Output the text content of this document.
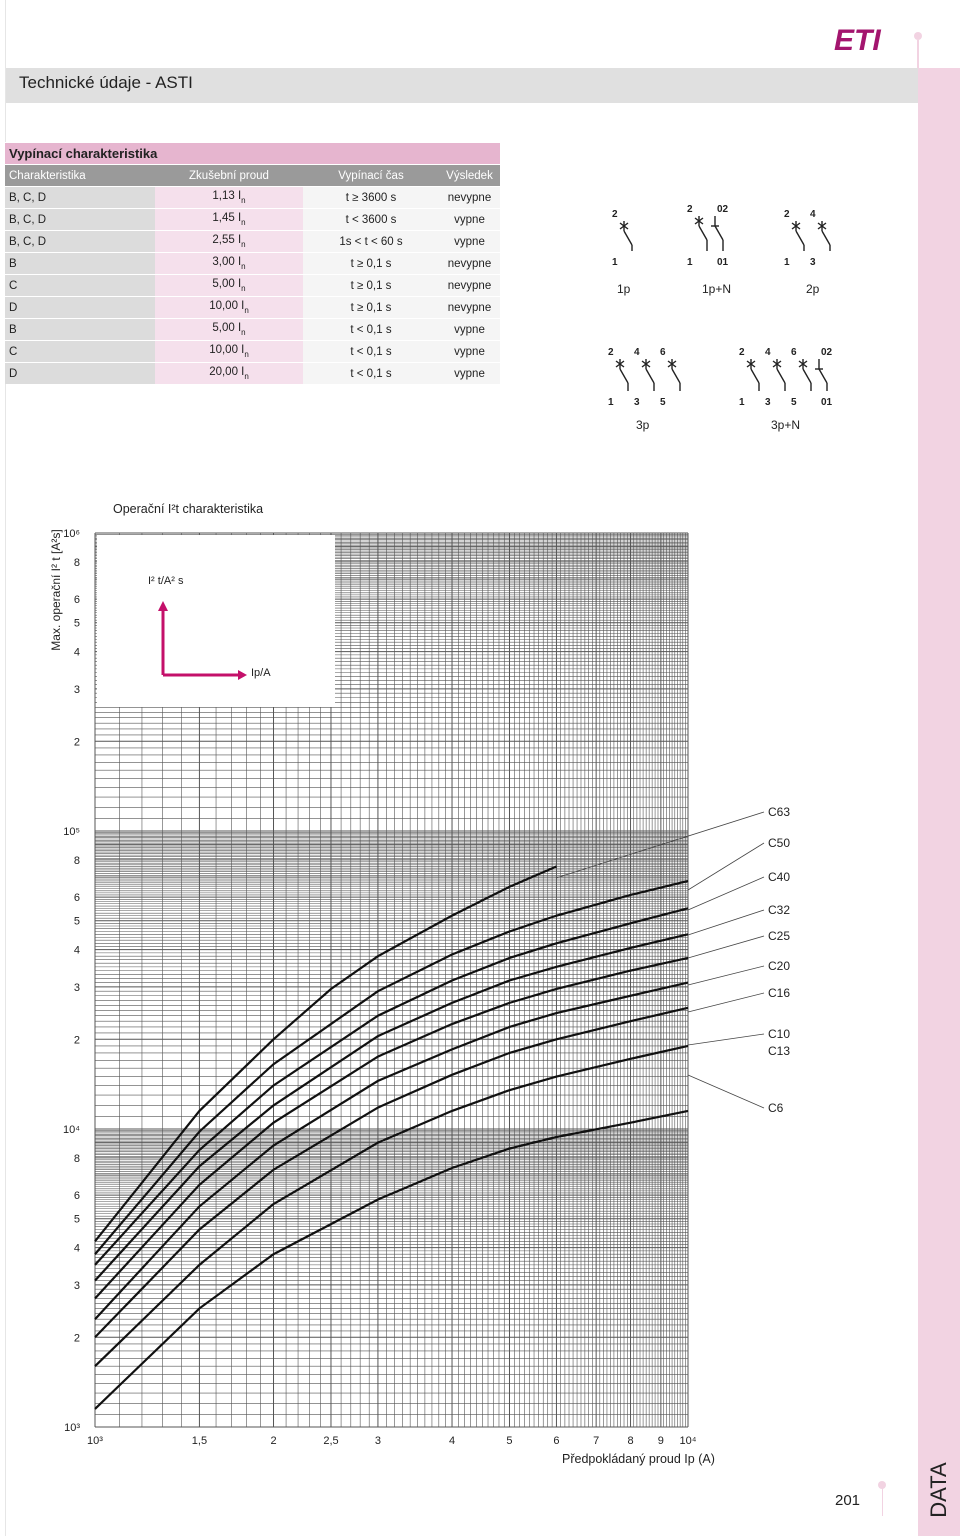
ETI
Technické údaje - ASTI
DATA
201
Vypínací charakteristika			
Charakteristika	Zkušební proud	Vypínací čas	Výsledek
B, C, D	1,13 $I_n$	t ≥ 3600 s	nevypne
B, C, D	1,45 $I_n$	t < 3600 s	vypne
B, C, D	2,55 $I_n$	1s < t < 60 s	vypne
B	3,00 $I_n$	t ≥ 0,1 s	nevypne
C	5,00 $I_n$	t ≥ 0,1 s	nevypne
D	10,00 $I_n$	t ≥ 0,1 s	nevypne
B	5,00 $I_n$	t < 0,1 s	vypne
C	10,00 $I_n$	t < 0,1 s	vypne
D	20,00 $I_n$	t < 0,1 s	vypne
2
1
1p
2
1
02
01
1p+N
2
1
4
3
2p
2
1
4
3
6
5
3p
2
1
4
3
6
5
02
01
3p+N
Operační I²t charakteristika
Max. operační I² t [A²s]	I² t/A² s
Ip/A
10³
2
3
4
5
6
8
10⁴
2
3
4
5
6
8
10⁵
2
3
4
5
6
8
10⁶
10³	1,5	2	2,5	3	4	5	6	7	8 9 10⁴
C63
C50
C40
C32
C25
C20
C16
C10
C13
C6
Předpokládaný proud Ip (A)
